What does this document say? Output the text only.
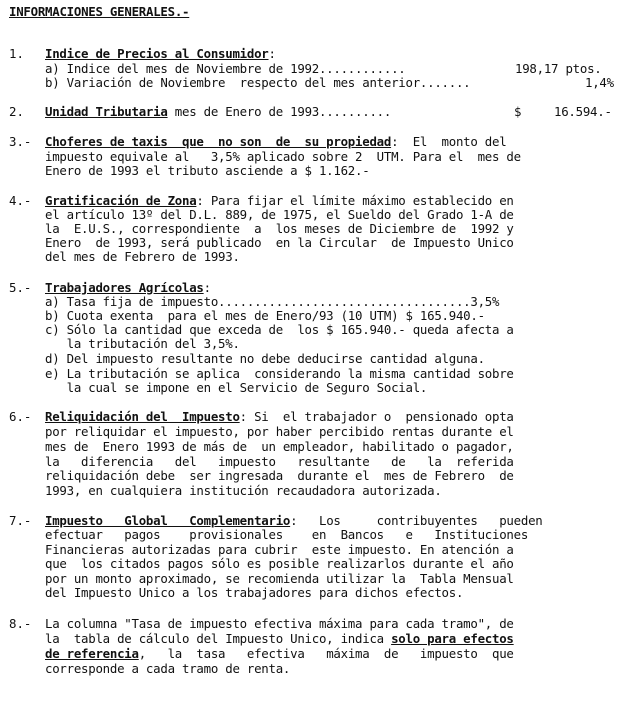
INFORMACIONES GENERALES.-
1. Indice de Precios al Consumidor:
a) Indice del mes de Noviembre de 1992............	198,17 ptos.
b) Variación de Noviembre  respecto del mes anterior.......	1,4%
2. Unidad Tributaria mes de Enero de 1993..........	$	16.594.-
3.- Choferes de taxis  que  no son  de  su propiedad:  El  monto del
impuesto equivale al   3,5% aplicado sobre 2  UTM. Para el  mes de
Enero de 1993 el tributo asciende a $ 1.162.-
4.- Gratificación de Zona: Para fijar el límite máximo establecido en
el artículo 13º del D.L. 889, de 1975, el Sueldo del Grado 1-A de
la  E.U.S., correspondiente  a  los meses de Diciembre de  1992 y
Enero  de 1993, será publicado  en la Circular  de Impuesto Unico
del mes de Febrero de 1993.
5.- Trabajadores Agrícolas:
a) Tasa fija de impuesto...................................3,5%
b) Cuota exenta  para el mes de Enero/93 (10 UTM) $ 165.940.-
c) Sólo la cantidad que exceda de  los $ 165.940.- queda afecta a
la tributación del 3,5%.
d) Del impuesto resultante no debe deducirse cantidad alguna.
e) La tributación se aplica  considerando la misma cantidad sobre
la cual se impone en el Servicio de Seguro Social.
6.- Reliquidación del  Impuesto: Si  el trabajador o  pensionado opta
por reliquidar el impuesto, por haber percibido rentas durante el
mes de  Enero 1993 de más de  un empleador, habilitado o pagador,
la   diferencia   del   impuesto   resultante   de   la  referida
reliquidación debe  ser ingresada  durante el  mes de Febrero  de
1993, en cualquiera institución recaudadora autorizada.
7.- Impuesto   Global   Complementario:   Los     contribuyentes   pueden
efectuar   pagos    provisionales    en  Bancos   e   Instituciones
Financieras autorizadas para cubrir  este impuesto. En atención a
que  los citados pagos sólo es posible realizarlos durante el año
por un monto aproximado, se recomienda utilizar la  Tabla Mensual
del Impuesto Unico a los trabajadores para dichos efectos.
8.- La columna "Tasa de impuesto efectiva máxima para cada tramo", de
la  tabla de cálculo del Impuesto Unico, indica solo para efectos
de referencia,   la  tasa   efectiva   máxima  de   impuesto  que
corresponde a cada tramo de renta.
